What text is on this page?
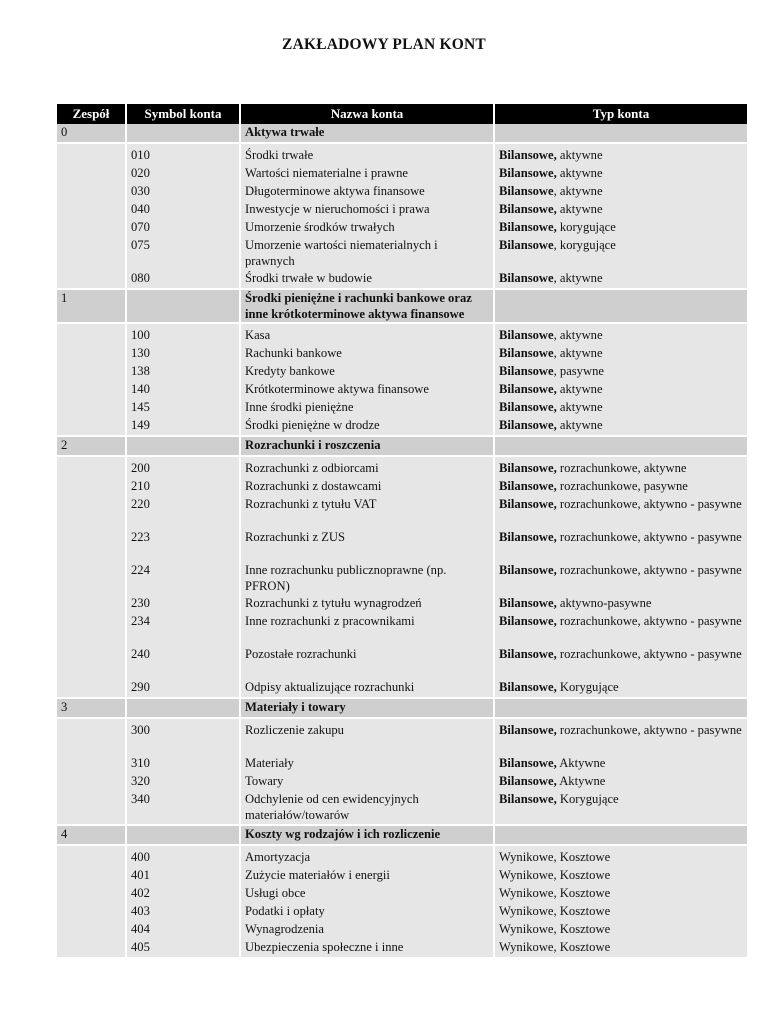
ZAKŁADOWY PLAN KONT
Zespół	Symbol konta	Nazwa konta	Typ konta
0		Aktywa trwałe	
	010	Środki trwałe	Bilansowe, aktywne
	020	Wartości niematerialne i prawne	Bilansowe, aktywne
	030	Długoterminowe aktywa finansowe	Bilansowe, aktywne
	040	Inwestycje w nieruchomości i prawa	Bilansowe, aktywne
	070	Umorzenie środków trwałych	Bilansowe, korygujące
	075	Umorzenie wartości niematerialnych i prawnych	Bilansowe, korygujące
	080	Środki trwałe w budowie	Bilansowe, aktywne
1		Środki pieniężne i rachunki bankowe oraz inne krótkoterminowe aktywa finansowe	
	100	Kasa	Bilansowe, aktywne
	130	Rachunki bankowe	Bilansowe, aktywne
	138	Kredyty bankowe	Bilansowe, pasywne
	140	Krótkoterminowe aktywa finansowe	Bilansowe, aktywne
	145	Inne środki pieniężne	Bilansowe, aktywne
	149	Środki pieniężne w drodze	Bilansowe, aktywne
2		Rozrachunki i roszczenia	
	200	Rozrachunki z odbiorcami	Bilansowe, rozrachunkowe, aktywne
	210	Rozrachunki z dostawcami	Bilansowe, rozrachunkowe, pasywne
	220	Rozrachunki z tytułu VAT	Bilansowe, rozrachunkowe, aktywno - pasywne
	223	Rozrachunki z ZUS	Bilansowe, rozrachunkowe, aktywno - pasywne
	224	Inne rozrachunku publicznoprawne (np. PFRON)	Bilansowe, rozrachunkowe, aktywno - pasywne
	230	Rozrachunki z tytułu wynagrodzeń	Bilansowe, aktywno-pasywne
	234	Inne rozrachunki z pracownikami	Bilansowe, rozrachunkowe, aktywno - pasywne
	240	Pozostałe rozrachunki	Bilansowe, rozrachunkowe, aktywno - pasywne
	290	Odpisy aktualizujące rozrachunki	Bilansowe, Korygujące
3		Materiały i towary	
	300	Rozliczenie zakupu	Bilansowe, rozrachunkowe, aktywno - pasywne
	310	Materiały	Bilansowe, Aktywne
	320	Towary	Bilansowe, Aktywne
	340	Odchylenie od cen ewidencyjnych materiałów/towarów	Bilansowe, Korygujące
4		Koszty wg rodzajów i ich rozliczenie	
	400	Amortyzacja	Wynikowe, Kosztowe
	401	Zużycie materiałów i energii	Wynikowe, Kosztowe
	402	Usługi obce	Wynikowe, Kosztowe
	403	Podatki i opłaty	Wynikowe, Kosztowe
	404	Wynagrodzenia	Wynikowe, Kosztowe
	405	Ubezpieczenia społeczne i inne	Wynikowe, Kosztowe
